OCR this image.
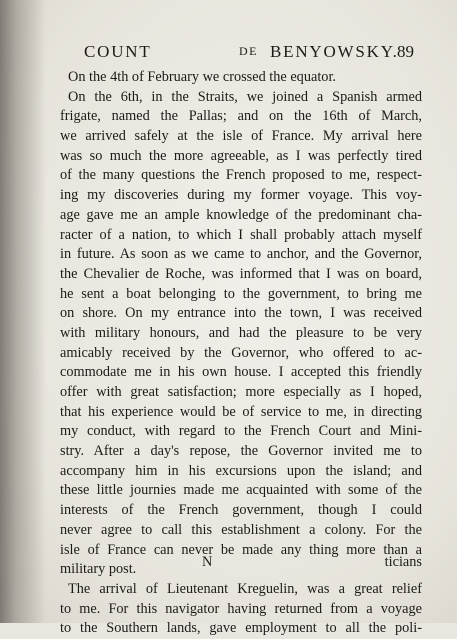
COUNT	DE BENYOWSKY.
89
On the 4th of February we crossed the equator.
On the 6th, in the Straits, we joined a Spanish armed
frigate, named the Pallas; and on the 16th of March,
we arrived safely at the isle of France. My arrival here
was so much the more agreeable, as I was perfectly tired
of the many questions the French proposed to me, respect-
ing my discoveries during my former voyage. This voy-
age gave me an ample knowledge of the predominant cha-
racter of a nation, to which I shall probably attach myself
in future. As soon as we came to anchor, and the Governor,
the Chevalier de Roche, was informed that I was on board,
he sent a boat belonging to the government, to bring me
on shore. On my entrance into the town, I was received
with military honours, and had the pleasure to be very
amicably received by the Governor, who offered to ac-
commodate me in his own house. I accepted this friendly
offer with great satisfaction; more especially as I hoped,
that his experience would be of service to me, in directing
my conduct, with regard to the French Court and Mini-
stry. After a day's repose, the Governor invited me to
accompany him in his excursions upon the island; and
these little journies made me acquainted with some of the
interests of the French government, though I could
never agree to call this establishment a colony. For the
isle of France can never be made any thing more than a
military post.
The arrival of Lieutenant Kreguelin, was a great relief
to me. For this navigator having returned from a voyage
to the Southern lands, gave employment to all the poli-
N	ticians
